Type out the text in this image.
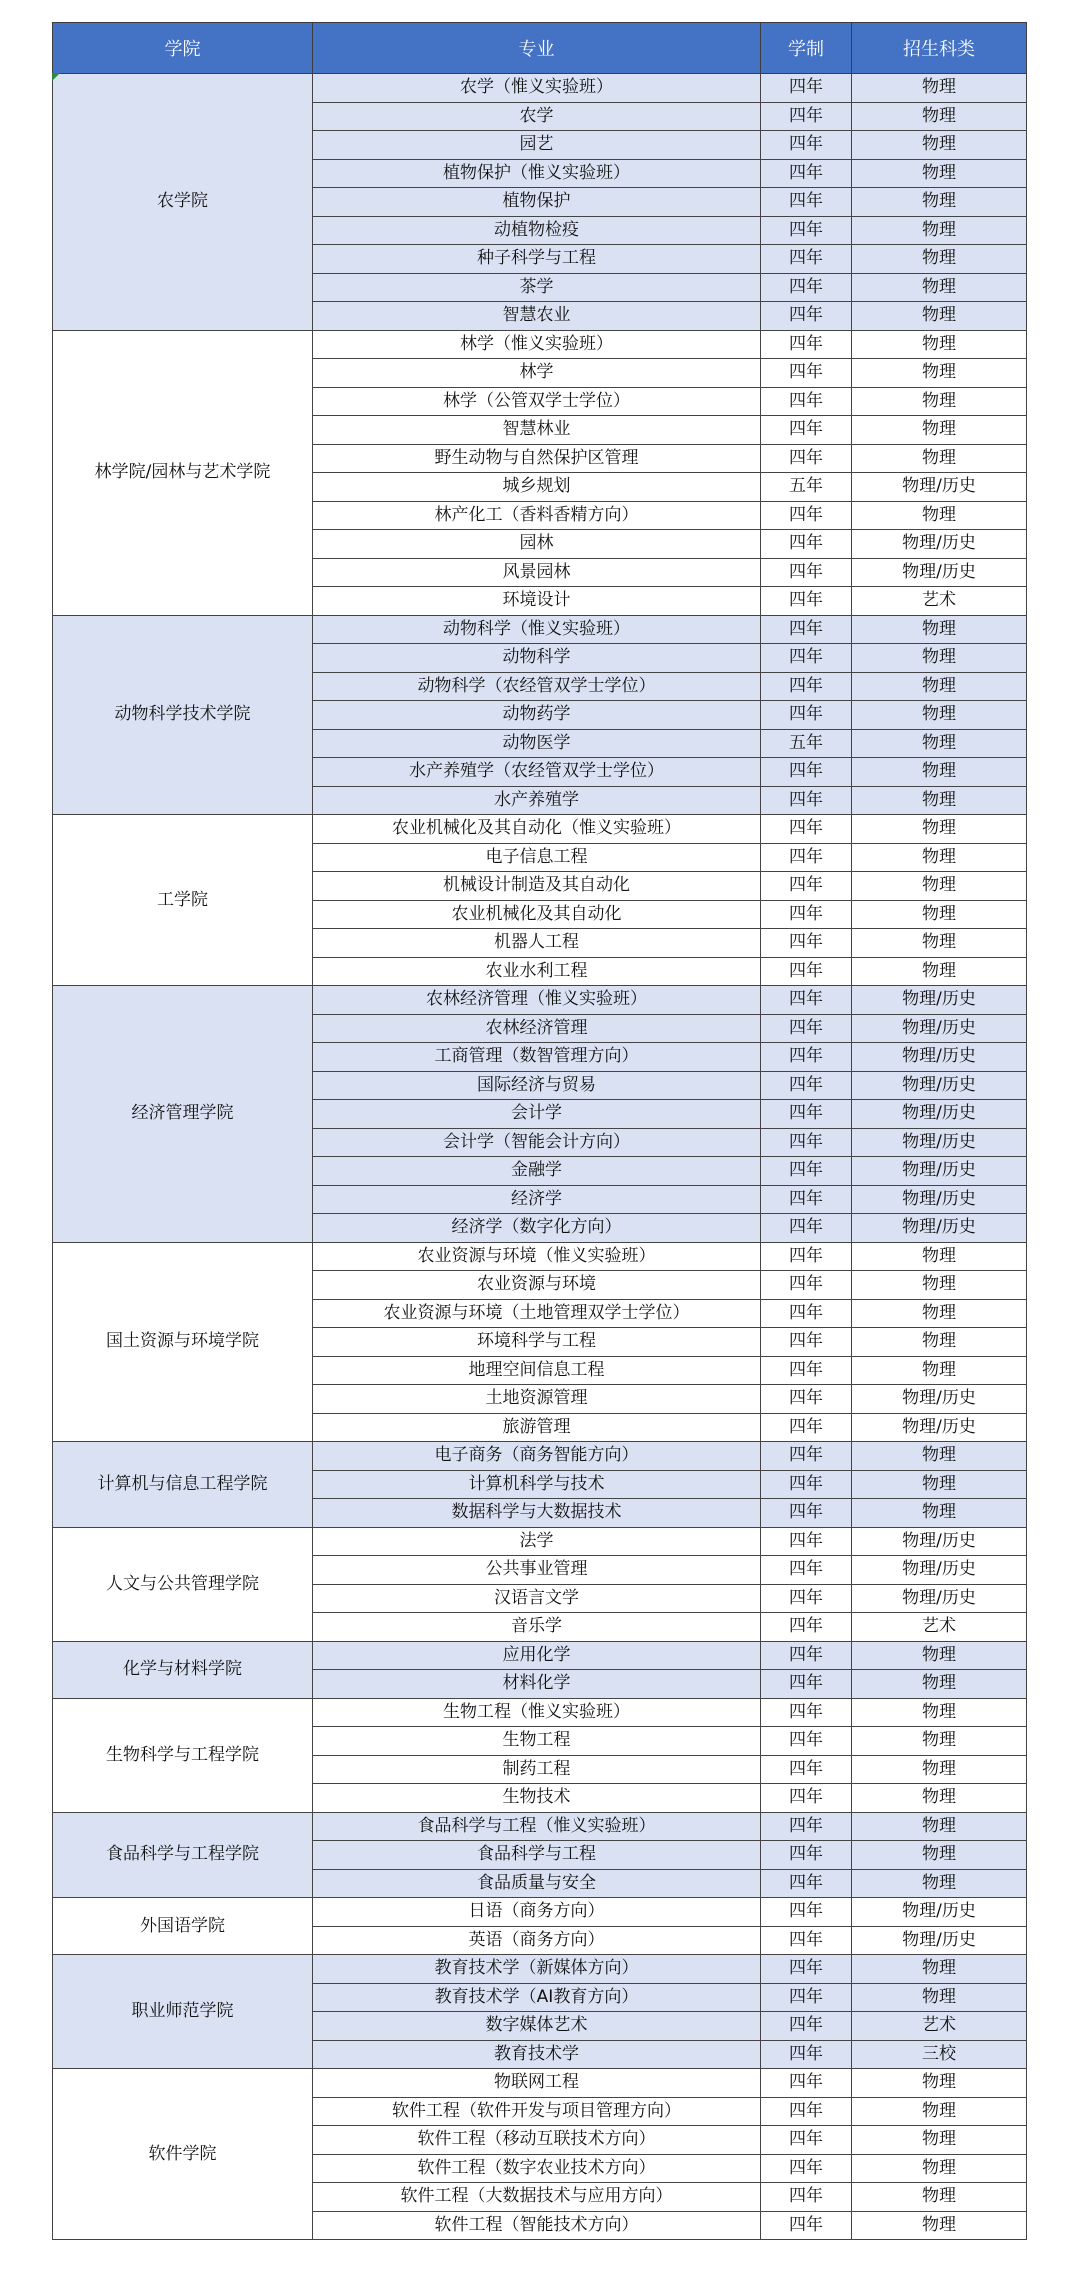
学院	专业	学制	招生科类
农学院	农学（惟义实验班）	四年	物理
	农学	四年	物理
	园艺	四年	物理
	植物保护（惟义实验班）	四年	物理
	植物保护	四年	物理
	动植物检疫	四年	物理
	种子科学与工程	四年	物理
	茶学	四年	物理
	智慧农业	四年	物理
林学院/园林与艺术学院	林学（惟义实验班）	四年	物理
	林学	四年	物理
	林学（公管双学士学位）	四年	物理
	智慧林业	四年	物理
	野生动物与自然保护区管理	四年	物理
	城乡规划	五年	物理/历史
	林产化工（香料香精方向）	四年	物理
	园林	四年	物理/历史
	风景园林	四年	物理/历史
	环境设计	四年	艺术
动物科学技术学院	动物科学（惟义实验班）	四年	物理
	动物科学	四年	物理
	动物科学（农经管双学士学位）	四年	物理
	动物药学	四年	物理
	动物医学	五年	物理
	水产养殖学（农经管双学士学位）	四年	物理
	水产养殖学	四年	物理
工学院	农业机械化及其自动化（惟义实验班）	四年	物理
	电子信息工程	四年	物理
	机械设计制造及其自动化	四年	物理
	农业机械化及其自动化	四年	物理
	机器人工程	四年	物理
	农业水利工程	四年	物理
经济管理学院	农林经济管理（惟义实验班）	四年	物理/历史
	农林经济管理	四年	物理/历史
	工商管理（数智管理方向）	四年	物理/历史
	国际经济与贸易	四年	物理/历史
	会计学	四年	物理/历史
	会计学（智能会计方向）	四年	物理/历史
	金融学	四年	物理/历史
	经济学	四年	物理/历史
	经济学（数字化方向）	四年	物理/历史
国土资源与环境学院	农业资源与环境（惟义实验班）	四年	物理
	农业资源与环境	四年	物理
	农业资源与环境（土地管理双学士学位）	四年	物理
	环境科学与工程	四年	物理
	地理空间信息工程	四年	物理
	土地资源管理	四年	物理/历史
	旅游管理	四年	物理/历史
计算机与信息工程学院	电子商务（商务智能方向）	四年	物理
	计算机科学与技术	四年	物理
	数据科学与大数据技术	四年	物理
人文与公共管理学院	法学	四年	物理/历史
	公共事业管理	四年	物理/历史
	汉语言文学	四年	物理/历史
	音乐学	四年	艺术
化学与材料学院	应用化学	四年	物理
	材料化学	四年	物理
生物科学与工程学院	生物工程（惟义实验班）	四年	物理
	生物工程	四年	物理
	制药工程	四年	物理
	生物技术	四年	物理
食品科学与工程学院	食品科学与工程（惟义实验班）	四年	物理
	食品科学与工程	四年	物理
	食品质量与安全	四年	物理
外国语学院	日语（商务方向）	四年	物理/历史
	英语（商务方向）	四年	物理/历史
职业师范学院	教育技术学（新媒体方向）	四年	物理
	教育技术学（AI教育方向）	四年	物理
	数字媒体艺术	四年	艺术
	教育技术学	四年	三校
软件学院	物联网工程	四年	物理
	软件工程（软件开发与项目管理方向）	四年	物理
	软件工程（移动互联技术方向）	四年	物理
	软件工程（数字农业技术方向）	四年	物理
	软件工程（大数据技术与应用方向）	四年	物理
	软件工程（智能技术方向）	四年	物理
